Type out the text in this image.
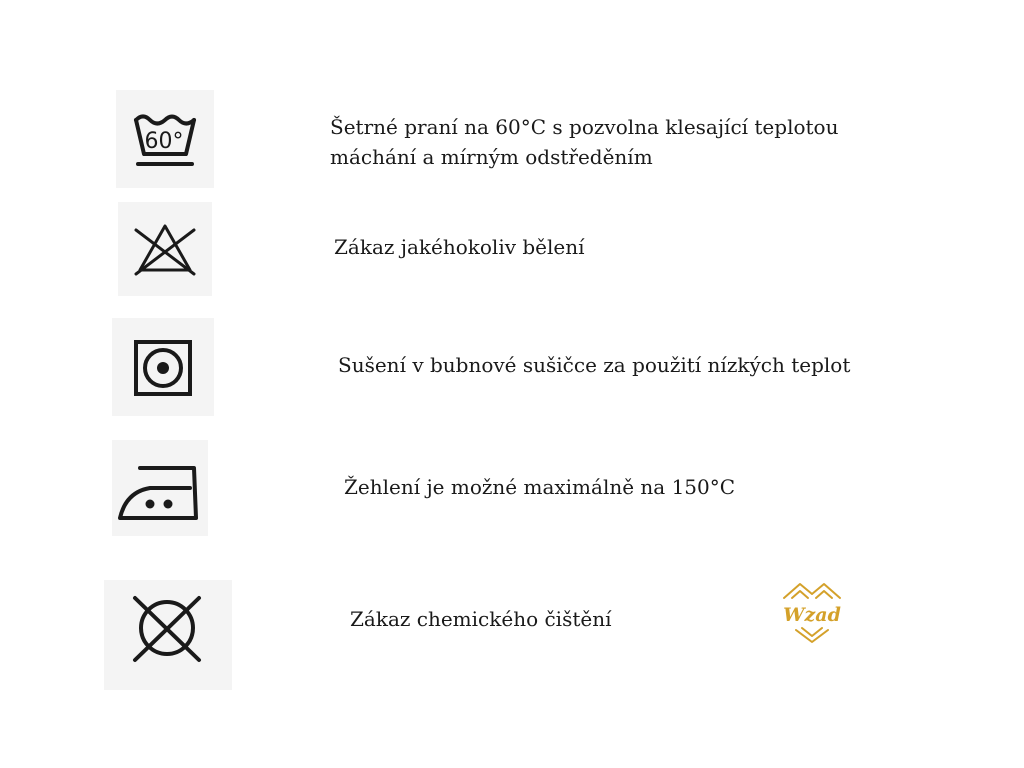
60°
Šetrné praní na 60°C s pozvolna klesající teplotou
máchání a mírným odstředěním
Zákaz jakéhokoliv bělení
Sušení v bubnové sušičce za použití nízkých teplot
Žehlení je možné maximálně na 150°C
Zákaz chemického čištění	Wzad
